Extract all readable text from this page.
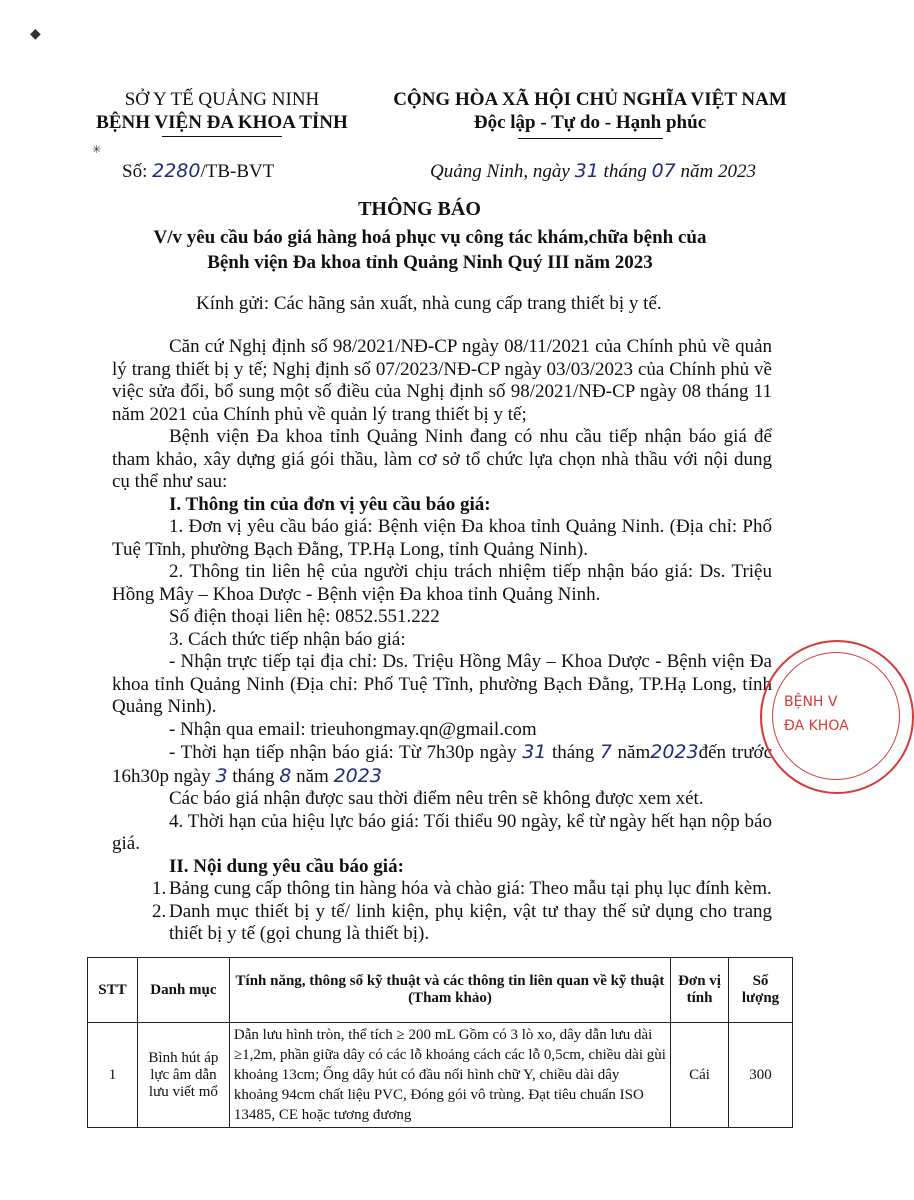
◆
✳
SỞ Y TẾ QUẢNG NINH
BỆNH VIỆN ĐA KHOA TỈNH
CỘNG HÒA XÃ HỘI CHỦ NGHĨA VIỆT NAM
Độc lập - Tự do - Hạnh phúc
Số: 2280/TB-BVT	Quảng Ninh, ngày 31 tháng 07 năm 2023
THÔNG BÁO
V/v yêu cầu báo giá hàng hoá phục vụ công tác khám,chữa bệnh của Bệnh viện Đa khoa tỉnh Quảng Ninh Quý III năm 2023
Kính gửi: Các hãng sản xuất, nhà cung cấp trang thiết bị y tế.

Căn cứ Nghị định số 98/2021/NĐ-CP ngày 08/11/2021 của Chính phủ về quản lý trang thiết bị y tế; Nghị định số 07/2023/NĐ-CP ngày 03/03/2023 của Chính phủ về việc sửa đổi, bổ sung một số điều của Nghị định số 98/2021/NĐ-CP ngày 08 tháng 11 năm 2021 của Chính phủ về quản lý trang thiết bị y tế;

Bệnh viện Đa khoa tỉnh Quảng Ninh đang có nhu cầu tiếp nhận báo giá để tham khảo, xây dựng giá gói thầu, làm cơ sở tổ chức lựa chọn nhà thầu với nội dung cụ thể như sau:

I. Thông tin của đơn vị yêu cầu báo giá:

1. Đơn vị yêu cầu báo giá: Bệnh viện Đa khoa tỉnh Quảng Ninh. (Địa chỉ: Phố Tuệ Tĩnh, phường Bạch Đằng, TP.Hạ Long, tỉnh Quảng Ninh).

2. Thông tin liên hệ của người chịu trách nhiệm tiếp nhận báo giá: Ds. Triệu Hồng Mây – Khoa Dược - Bệnh viện Đa khoa tỉnh Quảng Ninh.

Số điện thoại liên hệ: 0852.551.222

3. Cách thức tiếp nhận báo giá:

- Nhận trực tiếp tại địa chỉ: Ds. Triệu Hồng Mây – Khoa Dược - Bệnh viện Đa khoa tỉnh Quảng Ninh (Địa chỉ: Phố Tuệ Tĩnh, phường Bạch Đằng, TP.Hạ Long, tỉnh Quảng Ninh).

- Nhận qua email: trieuhongmay.qn@gmail.com

- Thời hạn tiếp nhận báo giá: Từ 7h30p ngày 31 tháng 7 năm2023đến trước 16h30p ngày 3 tháng 8 năm 2023

Các báo giá nhận được sau thời điểm nêu trên sẽ không được xem xét.

4. Thời hạn của hiệu lực báo giá: Tối thiểu 90 ngày, kể từ ngày hết hạn nộp báo giá.

II. Nội dung yêu cầu báo giá:

1. Bảng cung cấp thông tin hàng hóa và chào giá: Theo mẫu tại phụ lục đính kèm.
2. Danh mục thiết bị y tế/ linh kiện, phụ kiện, vật tư thay thế sử dụng cho trang thiết bị y tế (gọi chung là thiết bị).
STT	Danh mục	Tính năng, thông số kỹ thuật và các thông tin liên quan về kỹ thuật (Tham khảo)	Đơn vị tính	Số lượng
1	Bình hút áp lực âm dẫn lưu viết mổ	Dẫn lưu hình tròn, thể tích ≥ 200 mL Gồm có 3 lò xo, dây dẫn lưu dài ≥1,2m, phần giữa dây có các lỗ khoảng cách các lỗ 0,5cm, chiều dài gùi khoảng 13cm; Ống dây hút có đầu nối hình chữ Y, chiều dài dây khoảng 94cm chất liệu PVC, Đóng gói vô trùng. Đạt tiêu chuẩn ISO 13485, CE hoặc tương đương	Cái	300
BỆNH V
ĐA KHOA
